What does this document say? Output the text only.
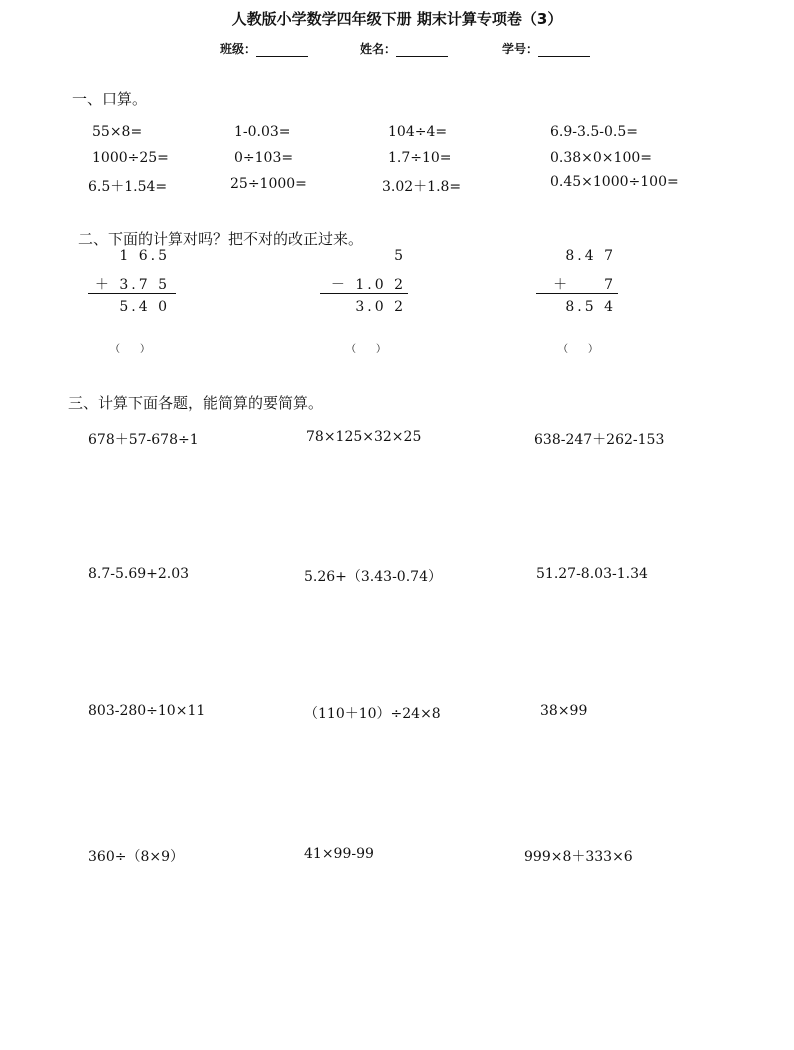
人教版小学数学四年级下册 期末计算专项卷（3）
班级：	姓名：	学号：
一、口算。
55×8=	1-0.03=	104÷4=	6.9-3.5-0.5=
1000÷25=	0÷103=	1.7÷10=	0.38×0×100=
6.5＋1.54=	25÷1000=	3.02＋1.8=	0.45×1000÷100=
二、下面的计算对吗？把不对的改正过来。
1 6.5
＋ 3.7 5
5.4 0
（　　）
5
－ 1.0 2
3.0 2
（　　）
8.4 7
＋　　7
8.5 4
（　　）
三、计算下面各题，能简算的要简算。
678＋57-678÷1	78×125×32×25	638-247＋262-153
8.7-5.69+2.03	5.26+（3.43-0.74）	51.27-8.03-1.34
803-280÷10×11	（110＋10）÷24×8	38×99
360÷（8×9）	41×99-99	999×8＋333×6
